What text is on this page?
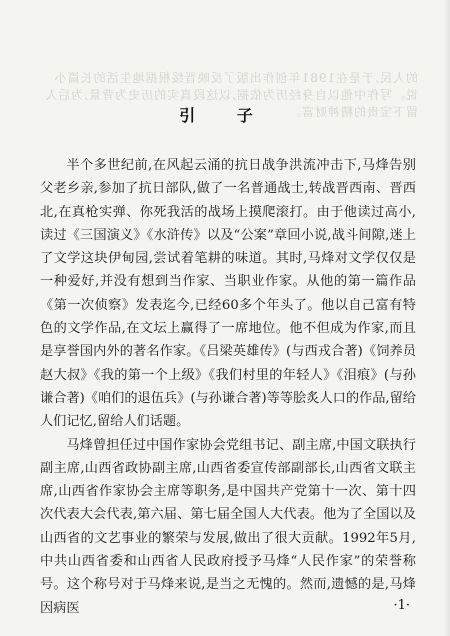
的人民,于是在1981年创作出版了反映晋绥根据地生活的长篇小说。写作中他以自身经历为依据,以这段真实的历史为背景,为后人留下宝贵的精神财富。
引 子

半个多世纪前,在风起云涌的抗日战争洪流冲击下,马烽告别父老乡亲,参加了抗日部队,做了一名普通战士,转战晋西南、晋西北,在真枪实弹、你死我活的战场上摸爬滚打。由于他读过高小,读过《三国演义》《水浒传》以及“公案”章回小说,战斗间隙,迷上了文学这块伊甸园,尝试着笔耕的味道。其时,马烽对文学仅仅是一种爱好,并没有想到当作家、当职业作家。从他的第一篇作品《第一次侦察》发表迄今,已经60多个年头了。他以自己富有特色的文学作品,在文坛上赢得了一席地位。他不但成为作家,而且是享誉国内外的著名作家。《吕梁英雄传》(与西戎合著)《饲养员赵大叔》《我的第一个上级》《我们村里的年轻人》《泪痕》(与孙谦合著)《咱们的退伍兵》(与孙谦合著)等等脍炙人口的作品,留给人们记忆,留给人们话题。

马烽曾担任过中国作家协会党组书记、副主席,中国文联执行副主席,山西省政协副主席,山西省委宣传部副部长,山西省文联主席,山西省作家协会主席等职务,是中国共产党第十一次、第十四次代表大会代表,第六届、第七届全国人大代表。他为了全国以及山西省的文艺事业的繁荣与发展,做出了很大贡献。1992年5月,中共山西省委和山西省人民政府授予马烽“人民作家”的荣誉称号。这个称号对于马烽来说,是当之无愧的。然而,遗憾的是,马烽因病医	·1·
